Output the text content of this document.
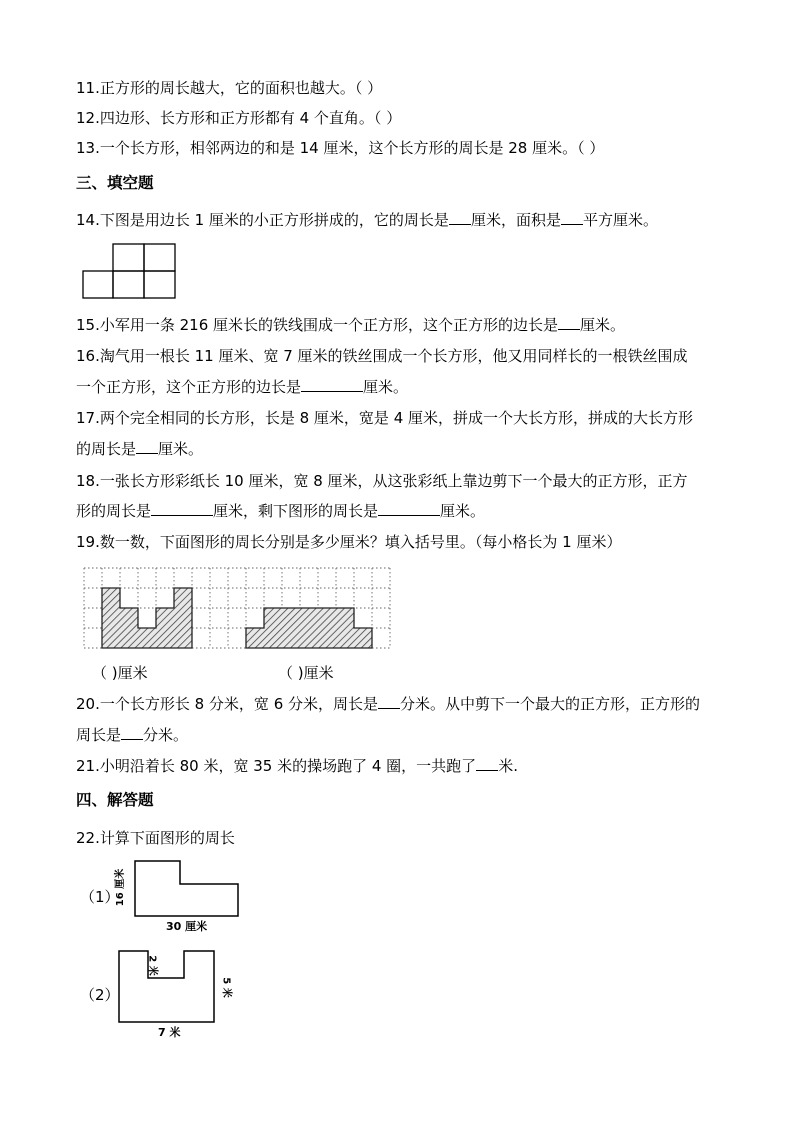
11.正方形的周长越大，它的面积也越大。（ ）
12.四边形、长方形和正方形都有 4 个直角。（ ）
13.一个长方形，相邻两边的和是 14 厘米，这个长方形的周长是 28 厘米。（ ）
三、填空题
14.下图是用边长 1 厘米的小正方形拼成的，它的周长是 厘米，面积是 平方厘米。
15.小军用一条 216 厘米长的铁线围成一个正方形，这个正方形的边长是 厘米。
16.淘气用一根长 11 厘米、宽 7 厘米的铁丝围成一个长方形，他又用同样长的一根铁丝围成
一个正方形，这个正方形的边长是	厘米。
17.两个完全相同的长方形，长是 8 厘米，宽是 4 厘米，拼成一个大长方形，拼成的大长方形
的周长是 厘米。
18.一张长方形彩纸长 10 厘米，宽 8 厘米，从这张彩纸上靠边剪下一个最大的正方形，正方
形的周长是	厘米，剩下图形的周长是	厘米。
19.数一数，下面图形的周长分别是多少厘米？填入括号里。（每小格长为 1 厘米）
（ )厘米	（ )厘米
20.一个长方形长 8 分米，宽 6 分米，周长是 分米。从中剪下一个最大的正方形，正方形的
周长是 分米。
21.小明沿着长 80 米，宽 35 米的操场跑了 4 圈，一共跑了 米.
四、解答题
22.计算下面图形的周长
（1）
16 厘米
30 厘米
（2）
2 米
5 米
7 米
